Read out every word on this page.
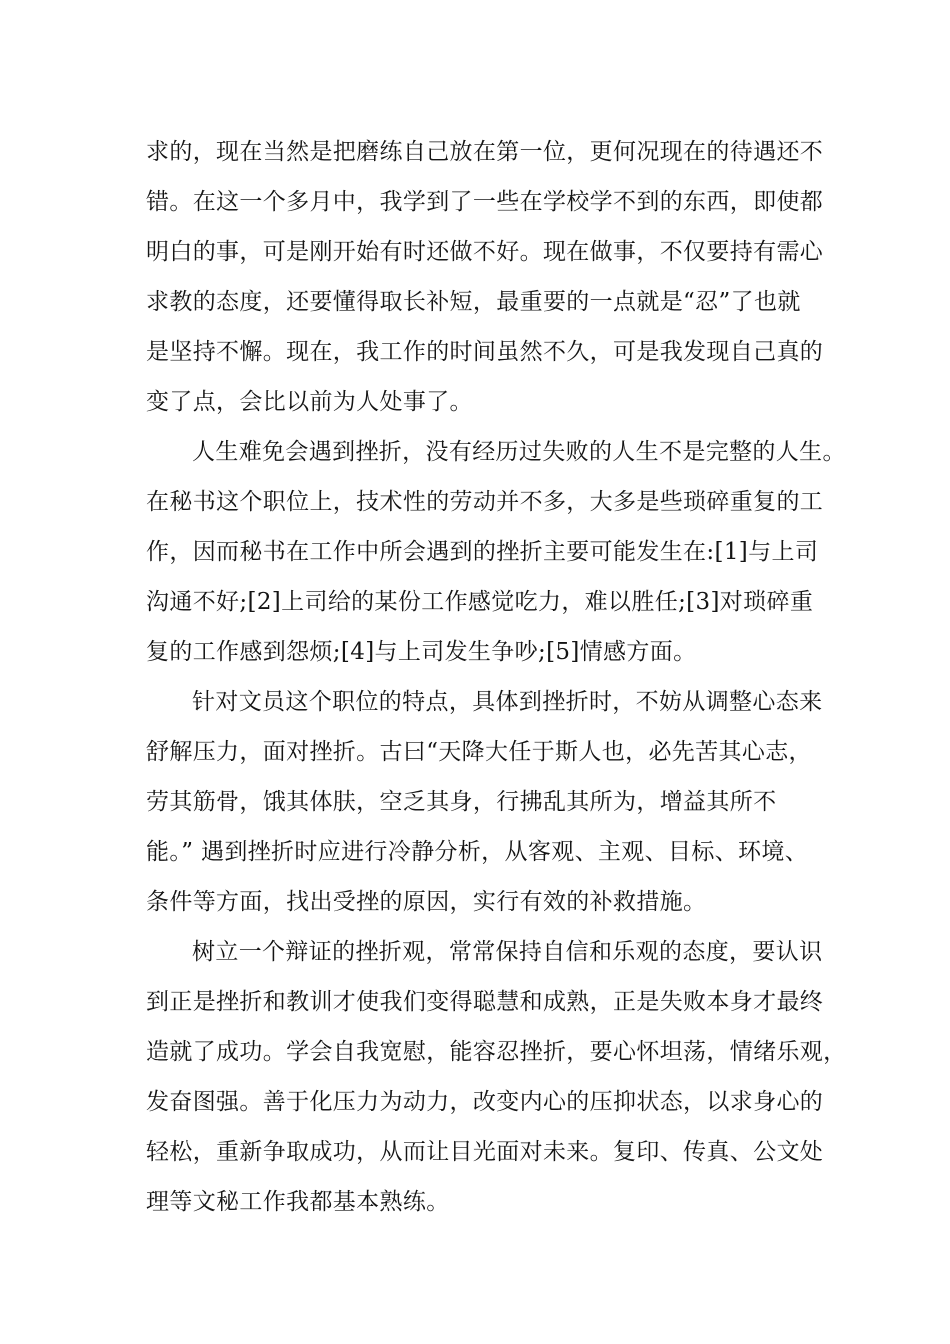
求的，现在当然是把磨练自己放在第一位，更何况现在的待遇还不
错。在这一个多月中，我学到了一些在学校学不到的东西，即使都
明白的事，可是刚开始有时还做不好。现在做事，不仅要持有需心
求教的态度，还要懂得取长补短，最重要的一点就是“忍”了也就
是坚持不懈。现在，我工作的时间虽然不久，可是我发现自己真的
变了点，会比以前为人处事了。
人生难免会遇到挫折，没有经历过失败的人生不是完整的人生。
在秘书这个职位上，技术性的劳动并不多，大多是些琐碎重复的工
作，因而秘书在工作中所会遇到的挫折主要可能发生在:[1]与上司
沟通不好;[2]上司给的某份工作感觉吃力，难以胜任;[3]对琐碎重
复的工作感到怨烦;[4]与上司发生争吵;[5]情感方面。
针对文员这个职位的特点，具体到挫折时，不妨从调整心态来
舒解压力，面对挫折。古曰“天降大任于斯人也，必先苦其心志，
劳其筋骨，饿其体肤，空乏其身，行拂乱其所为，增益其所不
能。” 遇到挫折时应进行冷静分析，从客观、主观、目标、环境、
条件等方面，找出受挫的原因，实行有效的补救措施。
树立一个辩证的挫折观，常常保持自信和乐观的态度，要认识
到正是挫折和教训才使我们变得聪慧和成熟，正是失败本身才最终
造就了成功。学会自我宽慰，能容忍挫折，要心怀坦荡，情绪乐观，
发奋图强。善于化压力为动力，改变内心的压抑状态，以求身心的
轻松，重新争取成功，从而让目光面对未来。复印、传真、公文处
理等文秘工作我都基本熟练。
